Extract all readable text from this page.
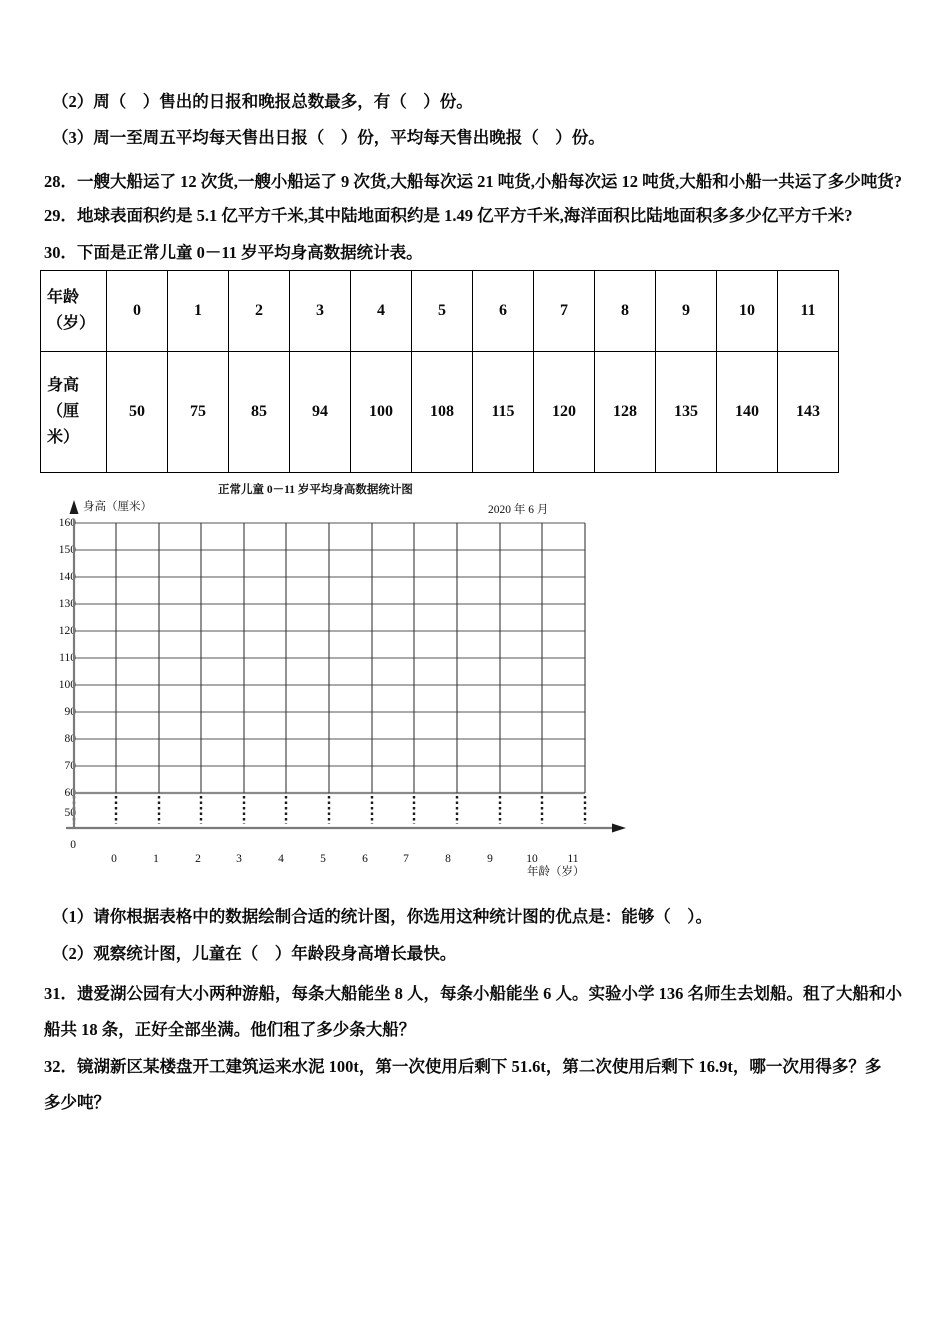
（2）周（　）售出的日报和晚报总数最多，有（　）份。
（3）周一至周五平均每天售出日报（　）份，平均每天售出晚报（　）份。
28．一艘大船运了 12 次货,一艘小船运了 9 次货,大船每次运 21 吨货,小船每次运 12 吨货,大船和小船一共运了多少吨货?
29．地球表面积约是 5.1 亿平方千米,其中陆地面积约是 1.49 亿平方千米,海洋面积比陆地面积多多少亿平方千米?
30．下面是正常儿童 0－11 岁平均身高数据统计表。
年龄
（岁）	0	1	2	3	4	5	6	7	8	9	10	11

身高
（厘
米）	50	75	85	94	100	108	115	120	128	135	140	143
正常儿童 0－11 岁平均身高数据统计图
2020 年 6 月
身高（厘米）
年龄（岁）
160
150
140
130
120
110
100
90
80
70
60
50
0
0	1	2	3	4	5	6	7	8	9	10	11
（1）请你根据表格中的数据绘制合适的统计图，你选用这种统计图的优点是：能够（　）。
（2）观察统计图，儿童在（　）年龄段身高增长最快。
31．遗爱湖公园有大小两种游船，每条大船能坐 8 人，每条小船能坐 6 人。实验小学 136 名师生去划船。租了大船和小
船共 18 条，正好全部坐满。他们租了多少条大船？
32．镜湖新区某楼盘开工建筑运来水泥 100t，第一次使用后剩下 51.6t，第二次使用后剩下 16.9t，哪一次用得多？多
多少吨？
